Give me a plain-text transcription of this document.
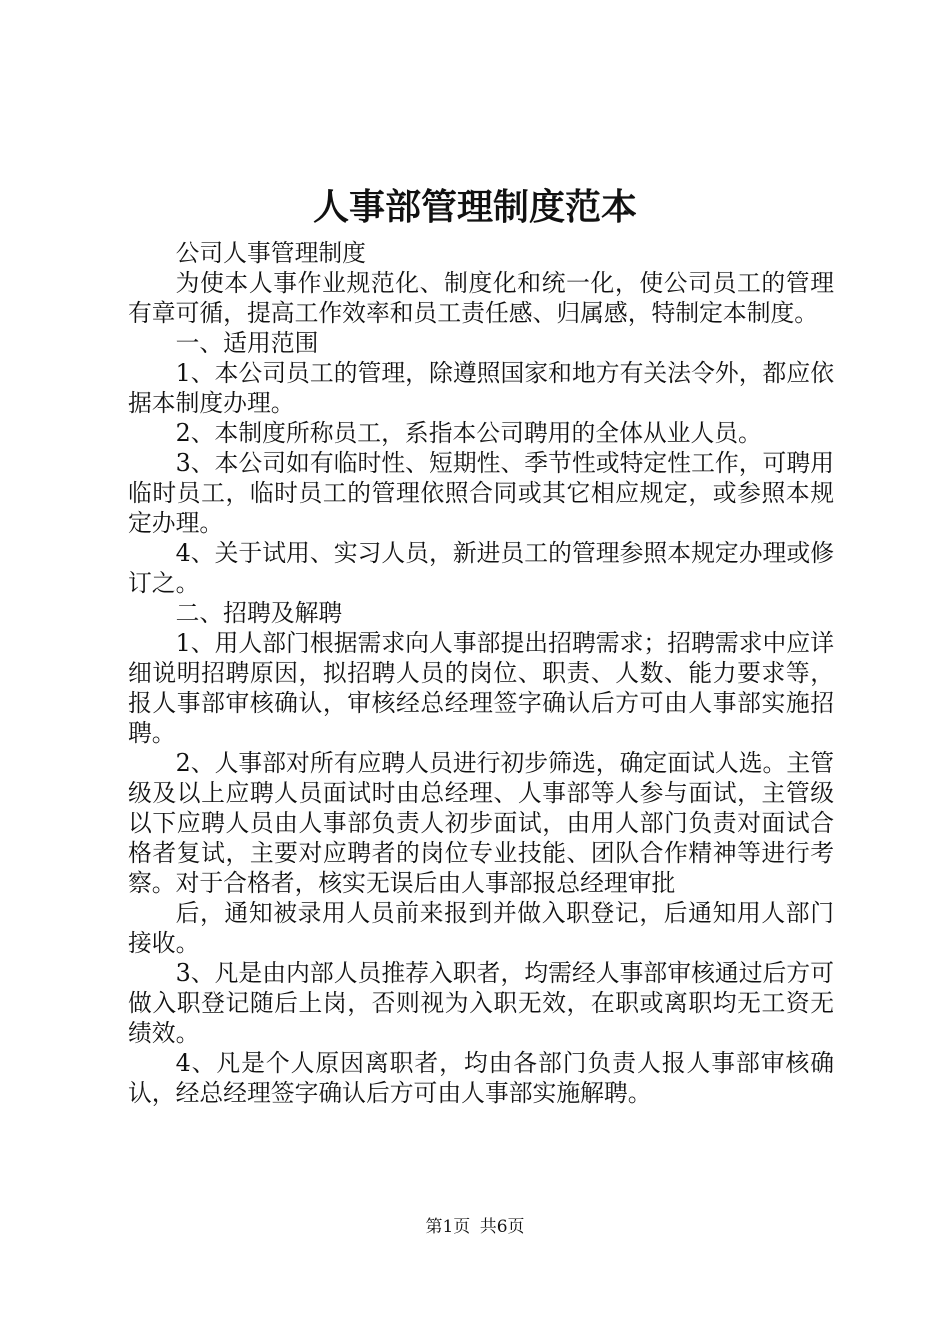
人事部管理制度范本

公司人事管理制度

为使本人事作业规范化、制度化和统一化，使公司员工的管理有章可循，提高工作效率和员工责任感、归属感，特制定本制度。

一、适用范围

1、本公司员工的管理，除遵照国家和地方有关法令外，都应依据本制度办理。

2、本制度所称员工，系指本公司聘用的全体从业人员。

3、本公司如有临时性、短期性、季节性或特定性工作，可聘用临时员工，临时员工的管理依照合同或其它相应规定，或参照本规定办理。

4、关于试用、实习人员，新进员工的管理参照本规定办理或修订之。

二、招聘及解聘

1、用人部门根据需求向人事部提出招聘需求；招聘需求中应详细说明招聘原因，拟招聘人员的岗位、职责、人数、能力要求等，报人事部审核确认，审核经总经理签字确认后方可由人事部实施招聘。

2、人事部对所有应聘人员进行初步筛选，确定面试人选。主管级及以上应聘人员面试时由总经理、人事部等人参与面试，主管级以下应聘人员由人事部负责人初步面试，由用人部门负责对面试合格者复试，主要对应聘者的岗位专业技能、团队合作精神等进行考察。对于合格者，核实无误后由人事部报总经理审批

后，通知被录用人员前来报到并做入职登记，后通知用人部门接收。

3、凡是由内部人员推荐入职者，均需经人事部审核通过后方可做入职登记随后上岗，否则视为入职无效，在职或离职均无工资无绩效。

4、凡是个人原因离职者，均由各部门负责人报人事部审核确认，经总经理签字确认后方可由人事部实施解聘。

第1页 共6页
